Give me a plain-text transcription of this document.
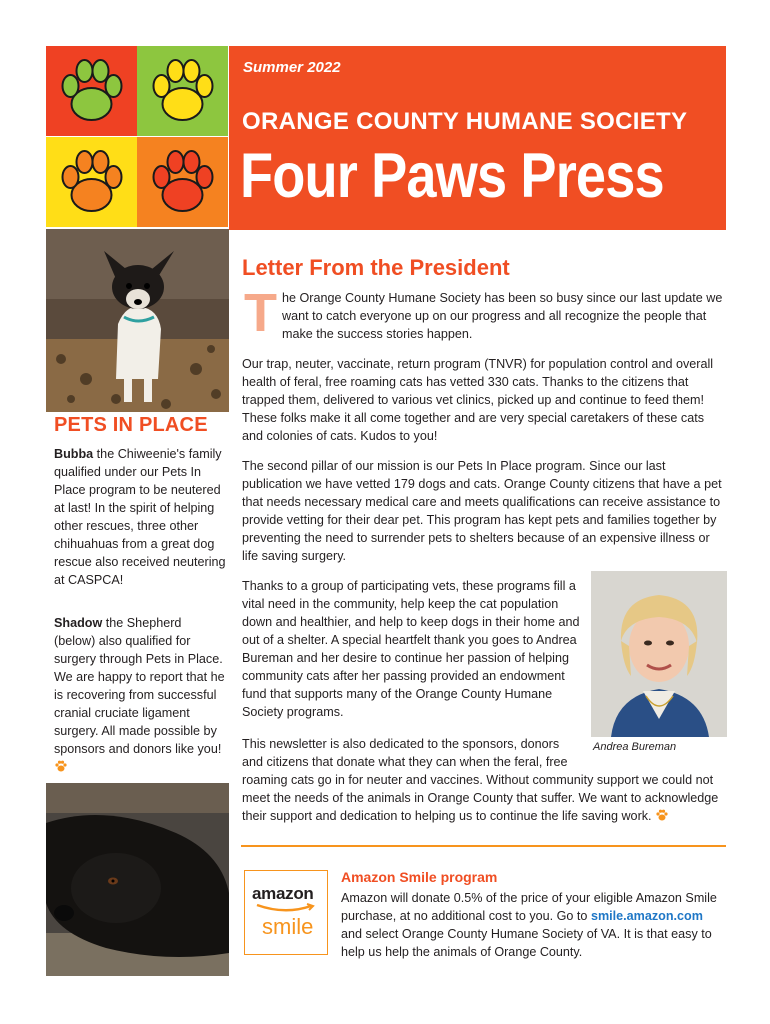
Summer 2022
ORANGE COUNTY HUMANE SOCIETY
Four Paws Press
PETS IN PLACE
Bubba the Chiweenie's family qualified under our Pets In Place program to be neutered at last! In the spirit of helping other rescues, three other chihuahuas from a great dog rescue also received neutering at CASPCA!
Shadow the Shepherd (below) also qualified for surgery through Pets in Place. We are happy to report that he is recovering from successful cranial cruciate ligament surgery. All made possible by sponsors and donors like you!
Letter From the President
T he Orange County Humane Society has been so busy since our last update we want to catch everyone up on our progress and all recognize the people that make the success stories happen.
Our trap, neuter, vaccinate, return program (TNVR) for population control and overall health of feral, free roaming cats has vetted 330 cats. Thanks to the citizens that trapped them, delivered to various vet clinics, picked up and continue to feed them! These folks make it all come together and are very special caretakers of these cats and colonies of cats. Kudos to you!
The second pillar of our mission is our Pets In Place program. Since our last publication we have vetted 179 dogs and cats. Orange County citizens that have a pet that needs necessary medical care and meets qualifications can receive assistance to provide vetting for their dear pet. This program has kept pets and families together by preventing the need to surrender pets to shelters because of an expensive illness or life saving surgery.
Thanks to a group of participating vets, these programs fill a vital need in the community, help keep the cat population down and healthier, and help to keep dogs in their home and out of a shelter. A special heartfelt thank you goes to Andrea Bureman and her desire to continue her passion of helping community cats after her passing provided an endowment fund that supports many of the Orange County Humane Society programs.
This newsletter is also dedicated to the sponsors, donors and citizens that donate what they can when the feral, free
roaming cats go in for neuter and vaccines. Without community support we could not meet the needs of the animals in Orange County that suffer. We want to acknowledge their support and dedication to helping us to continue the life saving work.
Andrea Bureman
amazon
smile
Amazon Smile program
Amazon will donate 0.5% of the price of your eligible Amazon Smile purchase, at no additional cost to you. Go to smile.amazon.com and select Orange County Humane Society of VA. It is that easy to help us help the animals of Orange County.
